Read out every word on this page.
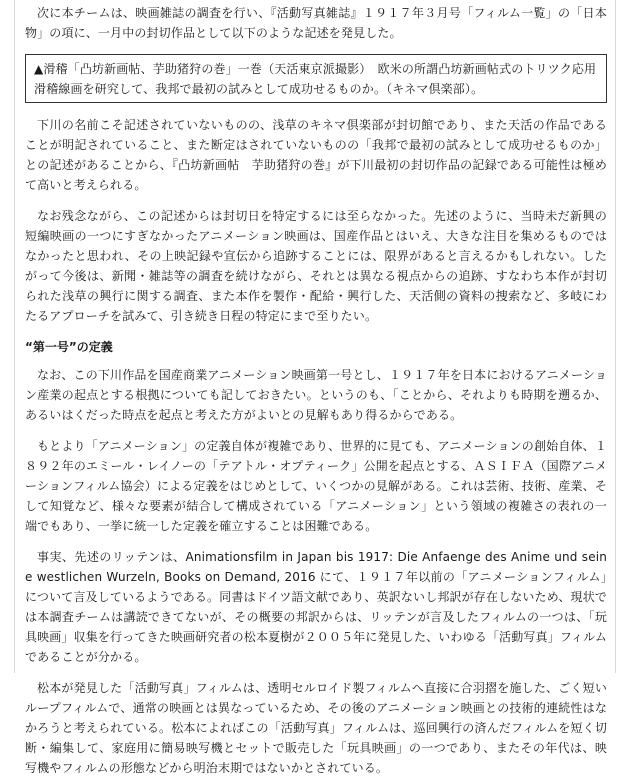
次に本チームは、映画雑誌の調査を行い、『活動写真雑誌』１９１７年３月号「フィルム一覧」の「日本物」の項に、一月中の封切作品として以下のような記述を発見した。

▲滑稽「凸坊新画帖、芋助猪狩の巻」一巻（天活東京派撮影）　欧米の所謂凸坊新画帖式のトリツク応用滑稽線画を研究して、我邦で最初の試みとして成功せるものか。（キネマ倶楽部）。

下川の名前こそ記述されていないものの、浅草のキネマ倶楽部が封切館であり、また天活の作品であることが明記されていること、また断定はされていないものの「我邦で最初の試みとして成功せるものか」との記述があることから、『凸坊新画帖　芋助猪狩の巻』が下川最初の封切作品の記録である可能性は極めて高いと考えられる。

なお残念ながら、この記述からは封切日を特定するには至らなかった。先述のように、当時未だ新興の短編映画の一つにすぎなかったアニメーション映画は、国産作品とはいえ、大きな注目を集めるものではなかったと思われ、その上映記録や宣伝から追跡することには、限界があると言えるかもしれない。したがって今後は、新聞・雑誌等の調査を続けながら、それとは異なる視点からの追跡、すなわち本作が封切られた浅草の興行に関する調査、また本作を製作・配給・興行した、天活側の資料の捜索など、多岐にわたるアプローチを試みて、引き続き日程の特定にまで至りたい。

“第一号”の定義

なお、この下川作品を国産商業アニメーション映画第一号とし、１９１７年を日本におけるアニメーション産業の起点とする根拠についても記しておきたい。というのも、「ことから、それよりも時期を遡るか、あるいはくだった時点を起点と考えた方がよいとの見解もあり得るからである。

もとより「アニメーション」の定義自体が複雑であり、世界的に見ても、アニメーションの創始自体、１８９２年のエミール・レイノーの「テアトル・オプティーク」公開を起点とする、ＡＳＩＦＡ（国際アニメーションフィルム協会）による定義をはじめとして、いくつかの見解がある。これは芸術、技術、産業、そして知覚など、様々な要素が結合して構成されている「アニメーション」という領域の複雑さの表れの一端でもあり、一挙に統一した定義を確立することは困難である。

事実、先述のリッテンは、Animationsfilm in Japan bis 1917: Die Anfaenge des Anime und seine westlichen Wurzeln, Books on Demand, 2016 にて、１９１７年以前の「アニメーションフィルム」について言及しているようである。同書はドイツ語文献であり、英訳ないし邦訳が存在しないため、現状では本調査チームは講読できてないが、その概要の邦訳からは、リッテンが言及したフィルムの一つは、「玩具映画」収集を行ってきた映画研究者の松本夏樹が２００５年に発見した、いわゆる「活動写真」フィルムであることが分かる。

松本が発見した「活動写真」フィルムは、透明セルロイド製フィルムへ直接に合羽摺を施した、ごく短いループフィルムで、通常の映画とは異なっているため、その後のアニメーション映画との技術的連続性はなかろうと考えられている。松本によればこの「活動写真」フィルムは、巡回興行の済んだフィルムを短く切断・編集して、家庭用に簡易映写機とセットで販売した「玩具映画」の一つであり、またその年代は、映写機やフィルムの形態などから明治末期ではないかとされている。
